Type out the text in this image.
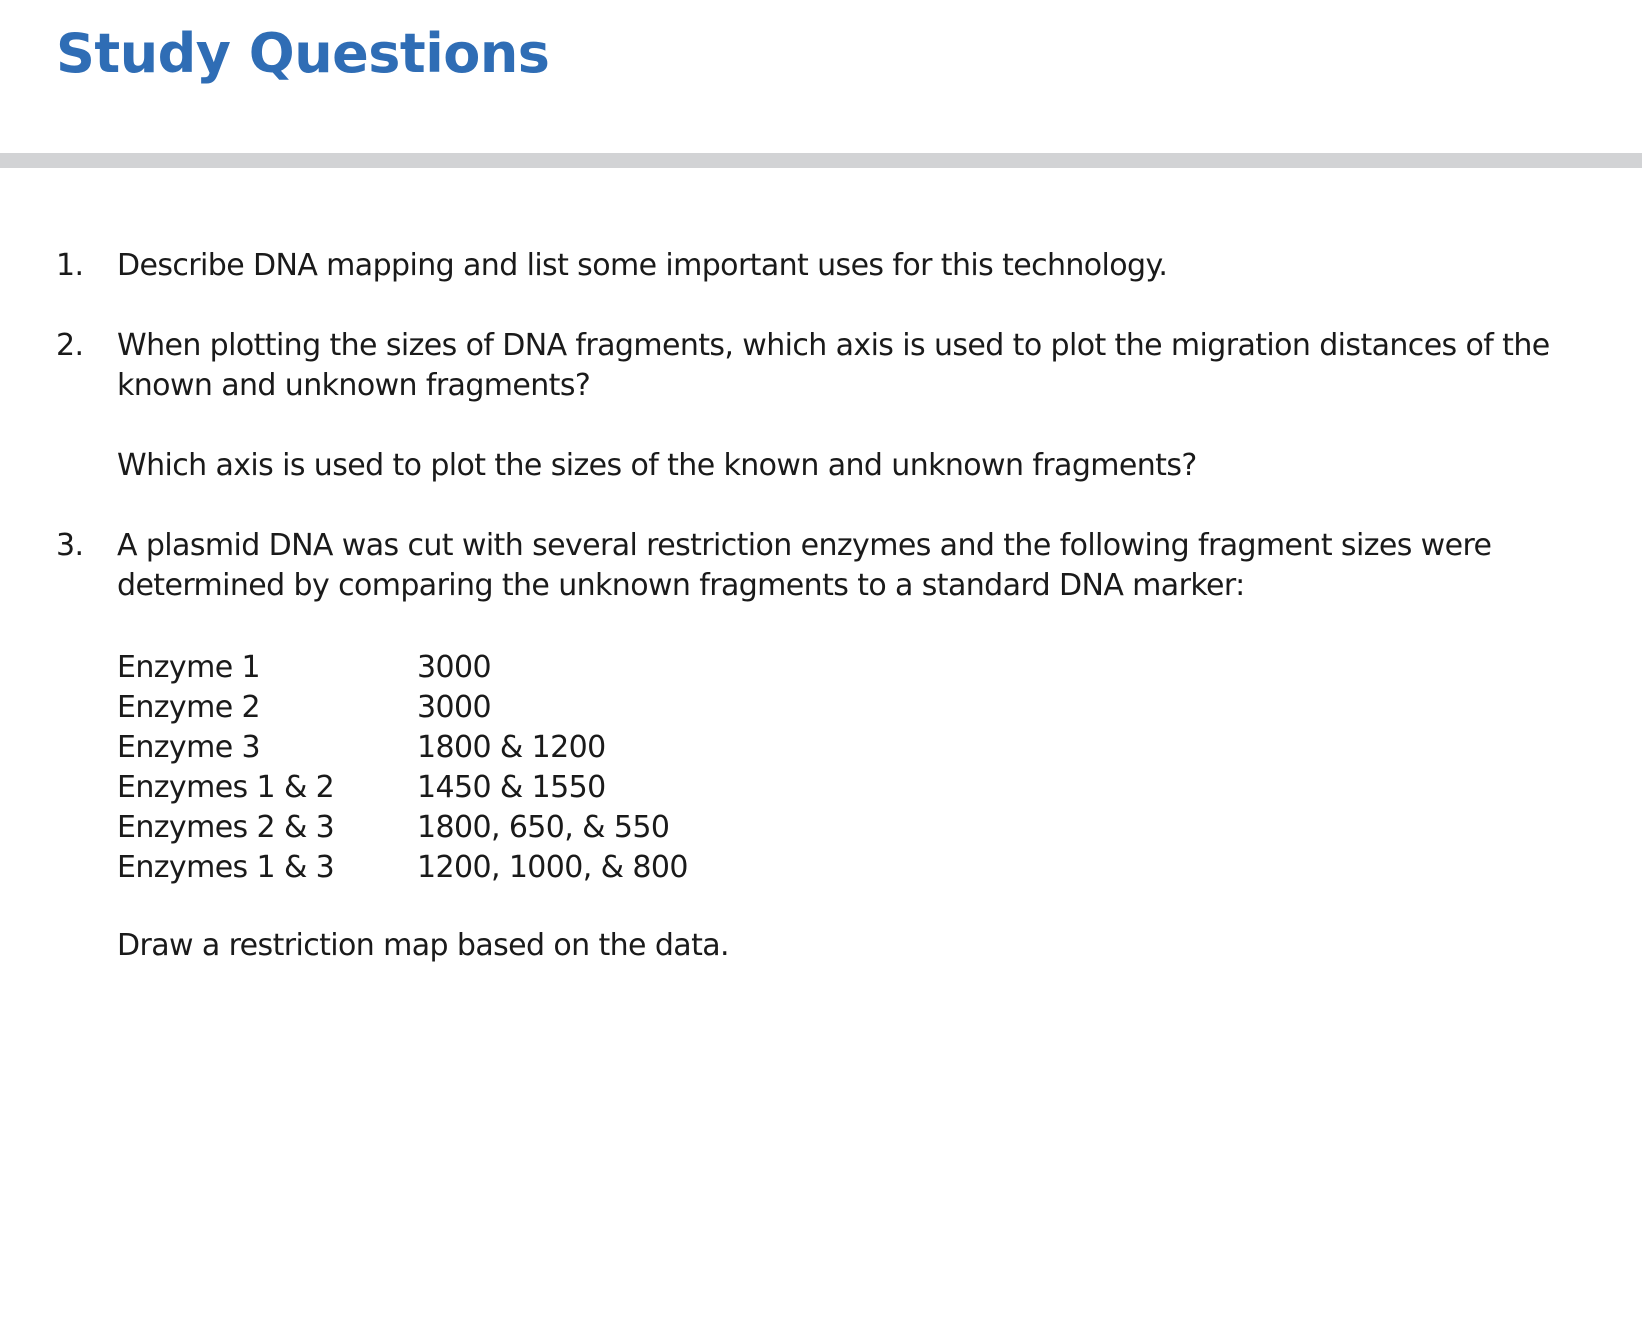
Study Questions
1. Describe DNA mapping and list some important uses for this technology.

2. When plotting the sizes of DNA fragments, which axis is used to plot the migration distances of the known and unknown fragments?

Which axis is used to plot the sizes of the known and unknown fragments?

3. A plasmid DNA was cut with several restriction enzymes and the following fragment sizes were determined by comparing the unknown fragments to a standard DNA marker:

Draw a restriction map based on the data.

Enzyme 1	3000
Enzyme 2	3000
Enzyme 3	1800 & 1200
Enzymes 1 & 2	1450 & 1550
Enzymes 2 & 3	1800, 650, & 550
Enzymes 1 & 3	1200, 1000, & 800
